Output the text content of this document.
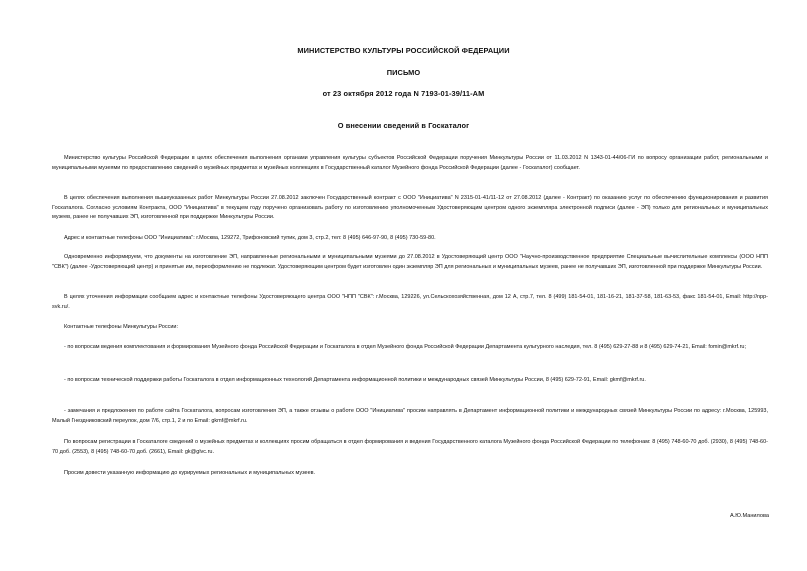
МИНИСТЕРСТВО КУЛЬТУРЫ РОССИЙСКОЙ ФЕДЕРАЦИИ
ПИСЬМО
от 23 октября 2012 года N 7193-01-39/11-АМ
О внесении сведений в Госкаталог

Министерство культуры Российской Федерации в целях обеспечения выполнения органами управления культуры субъектов Российской Федерации поручения Минкультуры России от 11.03.2012 N 1343-01-44/06-ГИ по вопросу организации работ, региональными и муниципальными музеями по предоставлению сведений о музейных предметах и музейных коллекциях в Государственный каталог Музейного фонда Российской Федерации (далее - Госкаталог) сообщает.

В целях обеспечения выполнения вышеуказанных работ Минкультуры России 27.08.2012 заключен Государственный контракт с ООО "Инициатива" N 2315-01-41/11-12 от 27.08.2012 (далее - Контракт) по оказанию услуг по обеспечению функционирования и развития Госкаталога. Согласно условиям Контракта, ООО "Инициатива" в текущем году поручено организовать работу по изготовлению уполномоченным Удостоверяющим центром одного экземпляра электронной подписи (далее - ЭП) только для региональных и муниципальных музеев, ранее не получавших ЭП, изготовленной при поддержке Минкультуры России.

Адрес и контактные телефоны ООО "Инициатива": г.Москва, 129272, Трифоновский тупик, дом 3, стр.2, тел: 8 (495) 646-97-90, 8 (495) 730-59-80.

Одновременно информируем, что документы на изготовление ЭП, направленные региональными и муниципальными музеями до 27.08.2012 в Удостоверяющий центр ООО "Научно-производственное предприятие Специальные вычислительные комплексы (ООО НПП "СВК") (далее -Удостоверяющий центр) и принятые им, переоформлению не подлежат. Удостоверяющим центром будет изготовлен один экземпляр ЭП для региональных и муниципальных музеев, ранее не получавших ЭП, изготовленной при поддержке Минкультуры России.

В целях уточнения информации сообщаем адрес и контактные телефоны Удостоверяющего центра ООО "НПП "СВК": г.Москва, 129226, ул.Сельскохозяйственная, дом 12 А, стр.7, тел. 8 (499) 181-54-01, 181-16-21, 181-37-58, 181-63-53, факс 181-54-01, Email: http://npp-svk.ru/.

Контактные телефоны Минкультуры России:

- по вопросам ведения комплектования и формирования Музейного фонда Российской Федерации и Госкаталога в отдел Музейного фонда Российской Федерации Департамента культурного наследия, тел. 8 (495) 629-27-88 и 8 (495) 629-74-21, Email: fomin@mkrf.ru;

- по вопросам технической поддержки работы Госкаталога в отдел информационных технологий Департамента информационной политики и международных связей Минкультуры России, 8 (495) 629-72-91, Email: gkmf@mkrf.ru.

- замечания и предложения по работе сайта Госкаталога, вопросам изготовления ЭП, а также отзывы о работе ООО "Инициатива" просим направлять в Департамент информационной политики и международных связей Минкультуры России по адресу: г.Москва, 125993, Малый Гнездниковский переулок, дом 7/6, стр.1, 2 и по Email: gkmf@mkrf.ru.

По вопросам регистрации в Госкаталоге сведений о музейных предметах и коллекциях просим обращаться в отдел формирования и ведения Государственного каталога Музейного фонда Российской Федерации по телефонам: 8 (495) 748-60-70 доб. (2930), 8 (495) 748-60-70 доб. (2553), 8 (495) 748-60-70 доб. (2661), Email: gk@glvc.ru.

Просим довести указанную информацию до курируемых региональных и муниципальных музеев.

А.Ю.Манилова
